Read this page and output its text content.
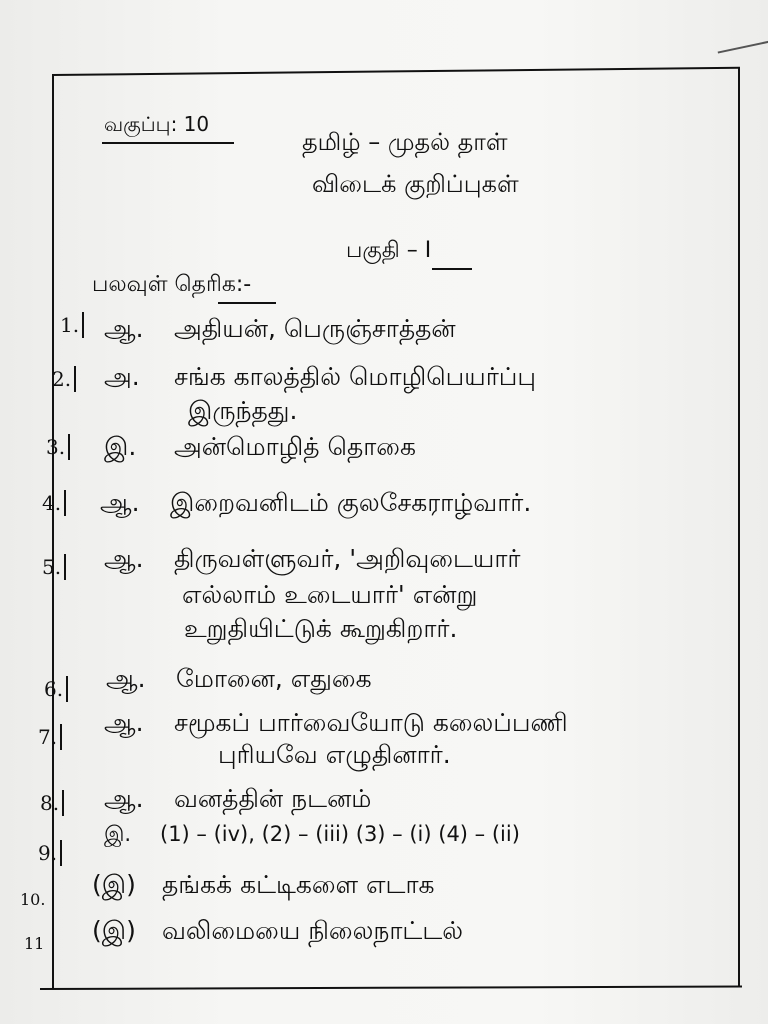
வகுப்பு: 10
தமிழ் – முதல் தாள்
விடைக் குறிப்புகள்
பகுதி – I
பலவுள் தெரிக:-
1. ஆ. அதியன், பெருஞ்சாத்தன்
2. அ. சங்க காலத்தில் மொழிபெயர்ப்பு
இருந்தது.
3. இ. அன்மொழித் தொகை
4. ஆ. இறைவனிடம் குலசேகராழ்வார்.
5. ஆ. திருவள்ளுவர், 'அறிவுடையார்
எல்லாம் உடையார்' என்று
உறுதியிட்டுக் கூறுகிறார்.
6. ஆ. மோனை, எதுகை
7. ஆ. சமூகப் பார்வையோடு கலைப்பணி
புரியவே எழுதினார்.
8. ஆ. வனத்தின் நடனம்
9.
இ. (1) – (iv), (2) – (iii) (3) – (i) (4) – (ii)
10.
(இ) தங்கக் கட்டிகளை எடாக
11 (இ) வலிமையை நிலைநாட்டல்
